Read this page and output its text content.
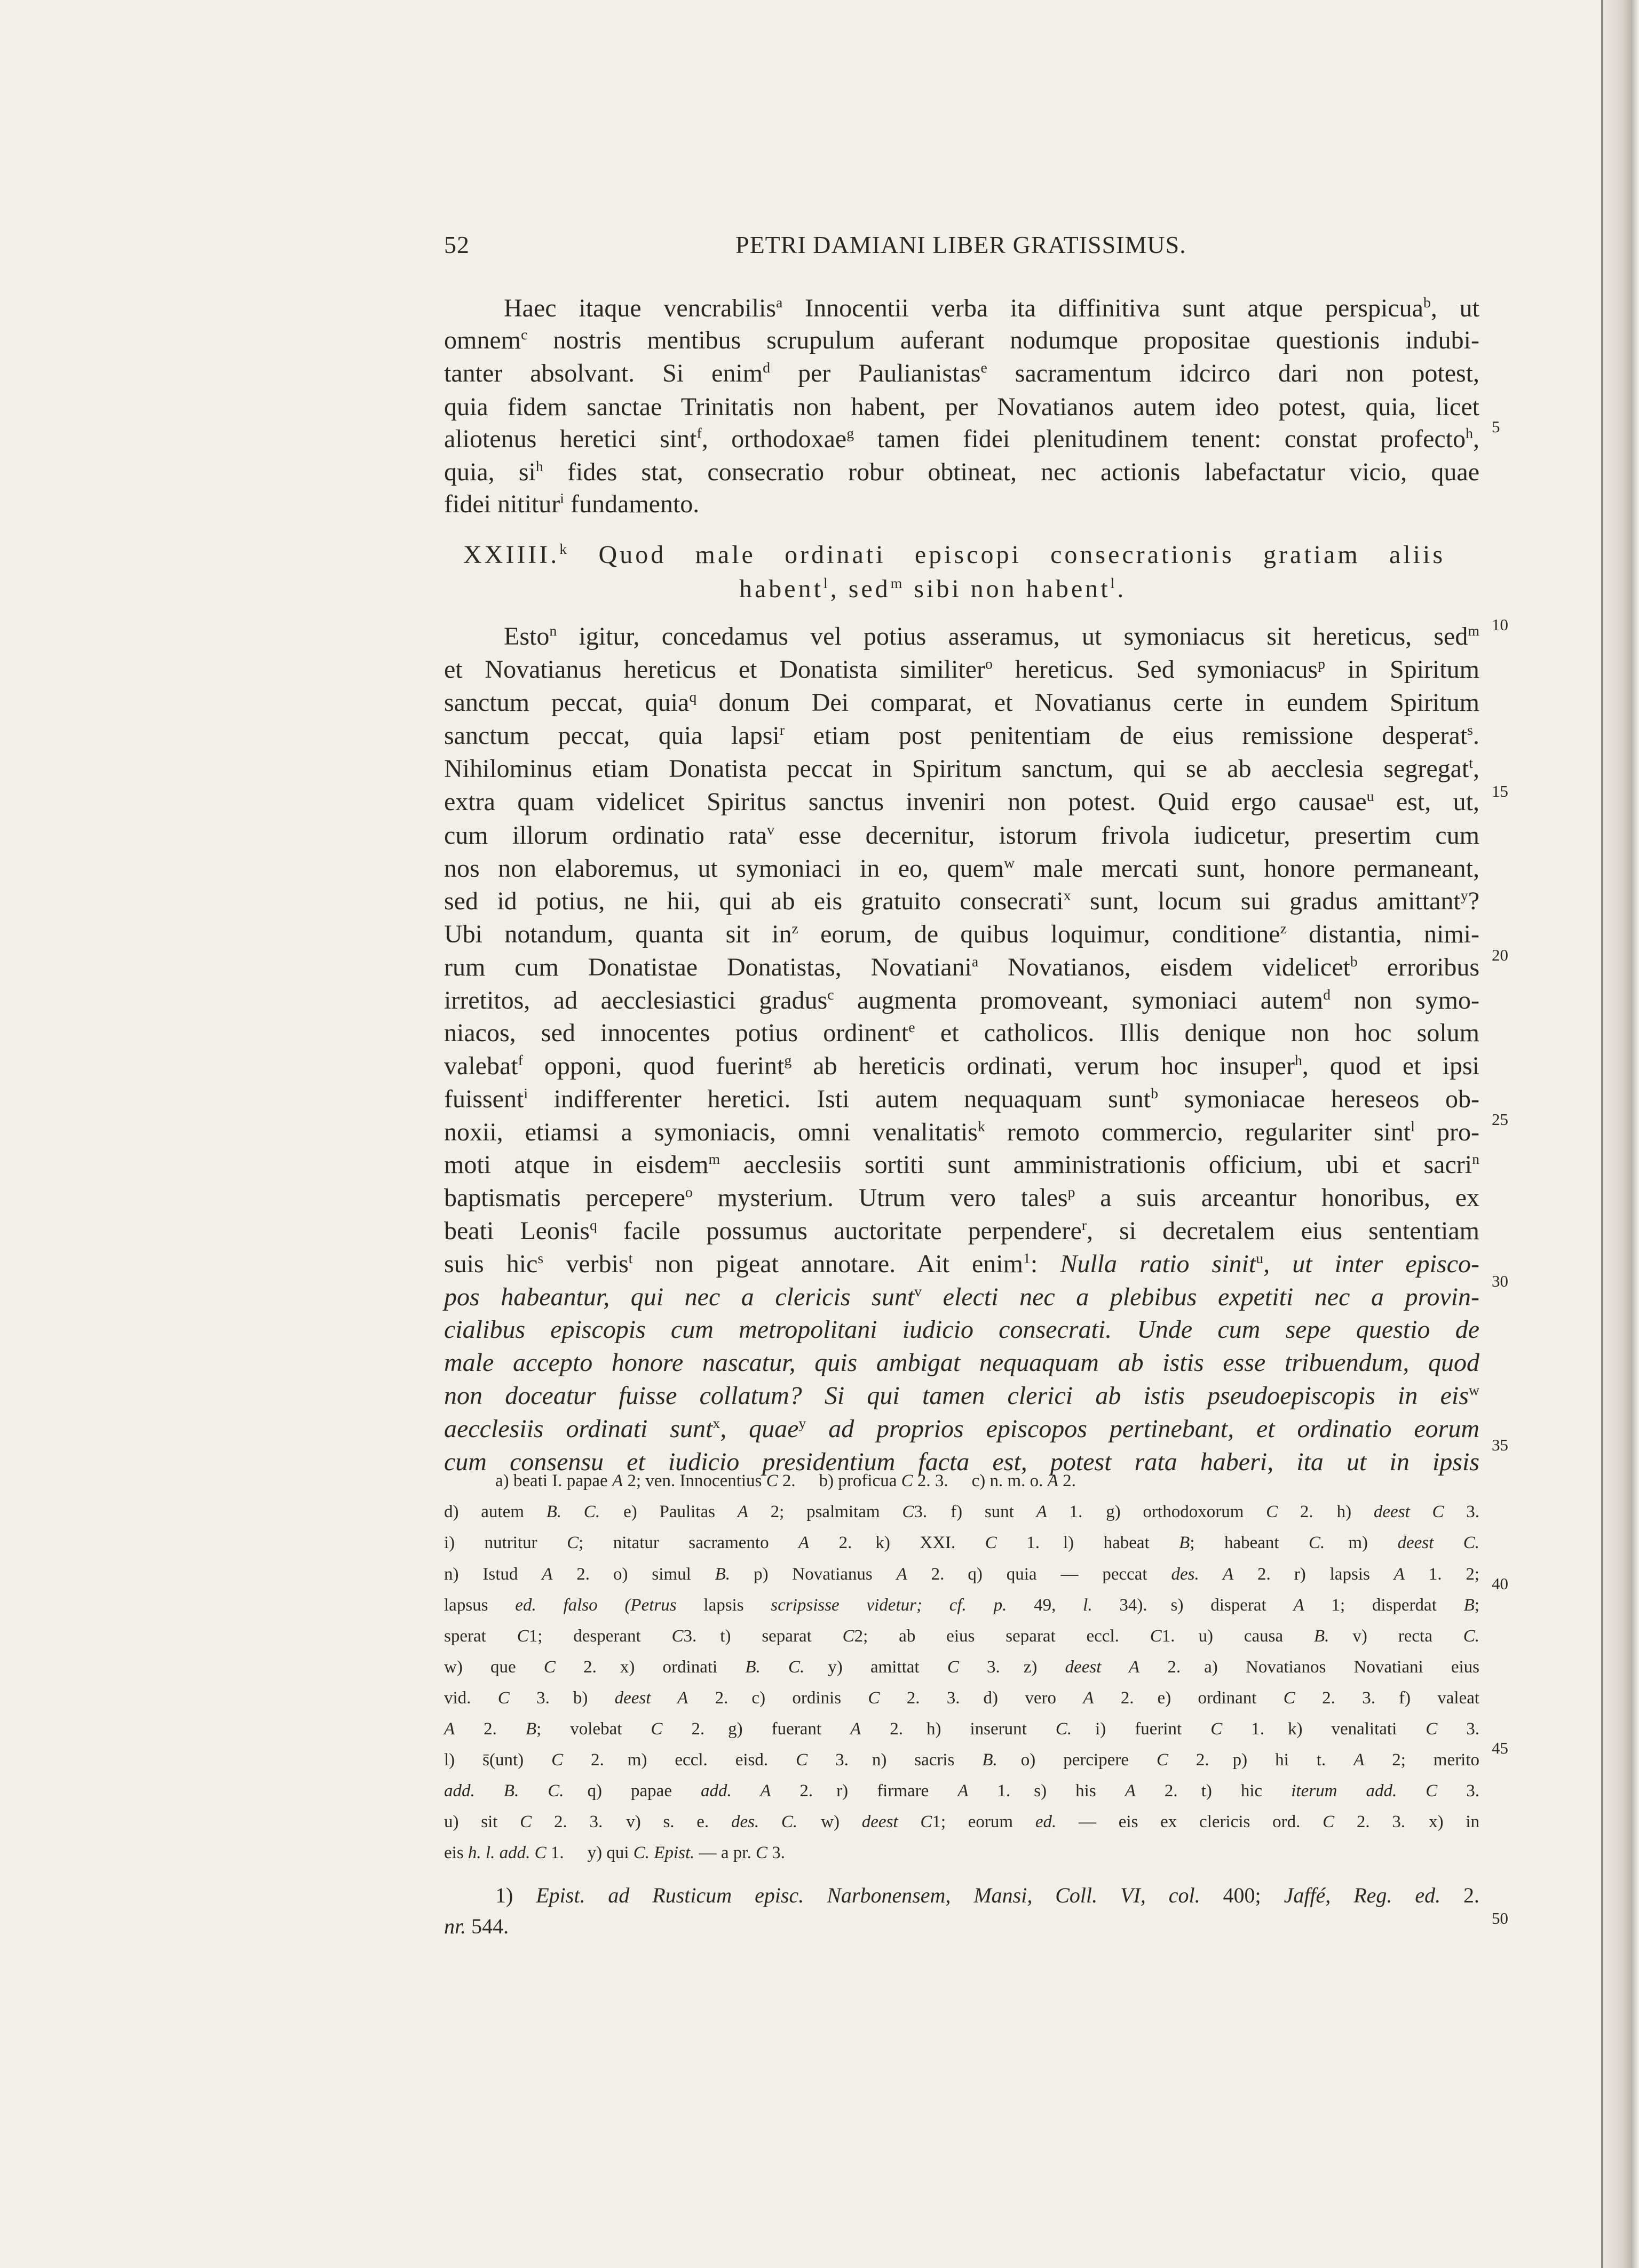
52	PETRI DAMIANI LIBER GRATISSIMUS.
Haec itaque vencrabilis$^a$ Innocentii verba ita diffinitiva sunt atque perspicua$^b$, ut
omnem$^c$ nostris mentibus scrupulum auferant nodumque propositae questionis indubi-
tanter absolvant. Si enim$^d$ per Paulianistas$^e$ sacramentum idcirco dari non potest,
quia fidem sanctae Trinitatis non habent, per Novatianos autem ideo potest, quia, licet
aliotenus heretici sint$^f$, orthodoxae$^g$ tamen fidei plenitudinem tenent: constat profecto$^h$,
quia, $si^h$ fides stat, consecratio robur obtineat, nec actionis labefactatur vicio, quae
fidei nititur$^i$ fundamento.
Esto$^n$ igitur, concedamus vel potius asseramus, ut symoniacus sit hereticus, sed$^m$
et Novatianus hereticus et Donatista similiter$^o$ hereticus. Sed symoniacus$^p$ in Spiritum
sanctum peccat, quia$^q$ donum Dei comparat, et Novatianus certe in eundem Spiritum
sanctum peccat, quia lapsi$^r$ etiam post penitentiam de eius remissione desperat$^s$.
Nihilominus etiam Donatista peccat in Spiritum sanctum, qui se ab aecclesia segregat$^t$,
extra quam videlicet Spiritus sanctus inveniri non potest. Quid ergo causae$^u$ est, ut,
cum illorum ordinatio rata$^v$ esse decernitur, istorum frivola iudicetur, presertim cum
nos non elaboremus, ut symoniaci in eo, quem$^w$ male mercati sunt, honore permaneant,
sed id potius, ne hii, qui ab eis gratuito consecrati$^x$ sunt, locum sui gradus amittant$^y$?
Ubi notandum, quanta sit $in^z$ eorum, de quibus loquimur, conditione$^z$ distantia, nimi-
rum cum Donatistae Donatistas, Novatiani$^a$ Novatianos, eisdem videlicet$^b$ erroribus
irretitos, ad aecclesiastici gradus$^c$ augmenta promoveant, symoniaci autem$^d$ non symo-
niacos, sed innocentes potius ordinent$^e$ et catholicos. Illis denique non hoc solum
valebat$^f$ opponi, quod fuerint$^g$ ab hereticis ordinati, verum hoc insuper$^h$, quod et ipsi
fuissent$^i$ indifferenter heretici. Isti autem nequaquam sunt$^b$ symoniacae hereseos ob-
noxii, etiamsi a symoniacis, omni venalitatis$^k$ remoto commercio, regulariter sint$^l$ pro-
moti atque in eisdem$^m$ aecclesiis sortiti sunt amministrationis officium, ubi et sacri$^n$
baptismatis percepere$^o$ mysterium. Utrum vero tales$^p$ a suis arceantur honoribus, ex
beati Leonis$^q$ facile possumus auctoritate perpendere$^r$, si decretalem eius sententiam
suis hic$^s$ verbis$^t$ non pigeat annotare. Ait enim$^1$: Nulla ratio sinit$^u$, ut inter episco-
pos habeantur, qui nec a clericis sunt$^v$ electi nec a plebibus expetiti nec a provin-
cialibus episcopis cum metropolitani iudicio consecrati. Unde cum sepe questio de
male accepto honore nascatur, quis ambigat nequaquam ab istis esse tribuendum, quod
non doceatur fuisse collatum? Si qui tamen clerici ab istis pseudoepiscopis in eis$^w$
aecclesiis ordinati sunt$^x$, quae$^y$ ad proprios episcopos pertinebant, et ordinatio eorum
cum consensu et iudicio presidentium facta est, potest rata haberi, ita ut in ipsis
XXIIII.$^k$ Quod male ordinati episcopi consecrationis gratiam aliis
habent$^l$, sed$^m$ sibi non habent$^l$.
a) beati I. papae A 2; ven. Innocentius C 2. b) proficua C 2. 3. c) n. m. o. A 2.
d) autem B. C. e) Paulitas A 2; psalmitam C3. f) sunt A 1. g) orthodoxorum C 2. h) deest C 3.
i) nutritur C; nitatur sacramento A 2. k) XXI. C 1. l) habeat B; habeant C. m) deest C.
n) Istud A 2. o) simul B. p) Novatianus A 2. q) quia — peccat des. A 2. r) lapsis A 1. 2;
lapsus ed. falso (Petrus lapsis scripsisse videtur; cf. p. 49, l. 34). s) disperat A 1; disperdat B;
sperat C1; desperant C3. t) separat C2; ab eius separat eccl. C1. u) causa B. v) recta C.
w) que C 2. x) ordinati B. C. y) amittat C 3. z) deest A 2. a) Novatianos Novatiani eius
vid. C 3. b) deest A 2. c) ordinis C 2. 3. d) vero A 2. e) ordinant C 2. 3. f) valeat
A 2. B; volebat C 2. g) fuerant A 2. h) inserunt C. i) fuerint C 1. k) venalitati C 3.
l) s̄(unt) C 2. m) eccl. eisd. C 3. n) sacris B. o) percipere C 2. p) hi t. A 2; merito
add. B. C. q) papae add. A 2. r) firmare A 1. s) his A 2. t) hic iterum add. C 3.
u) sit C 2. 3. v) s. e. des. C. w) deest C1; eorum ed. — eis ex clericis ord. C 2. 3. x) in
eis h. l. add. C 1. y) qui C. Epist. — a pr. C 3.
1) Epist. ad Rusticum episc. Narbonensem, Mansi, Coll. VI, col. 400; Jaffé, Reg. ed. 2.
nr. 544.
5
10
15
20
25
30
35
40
45
50
